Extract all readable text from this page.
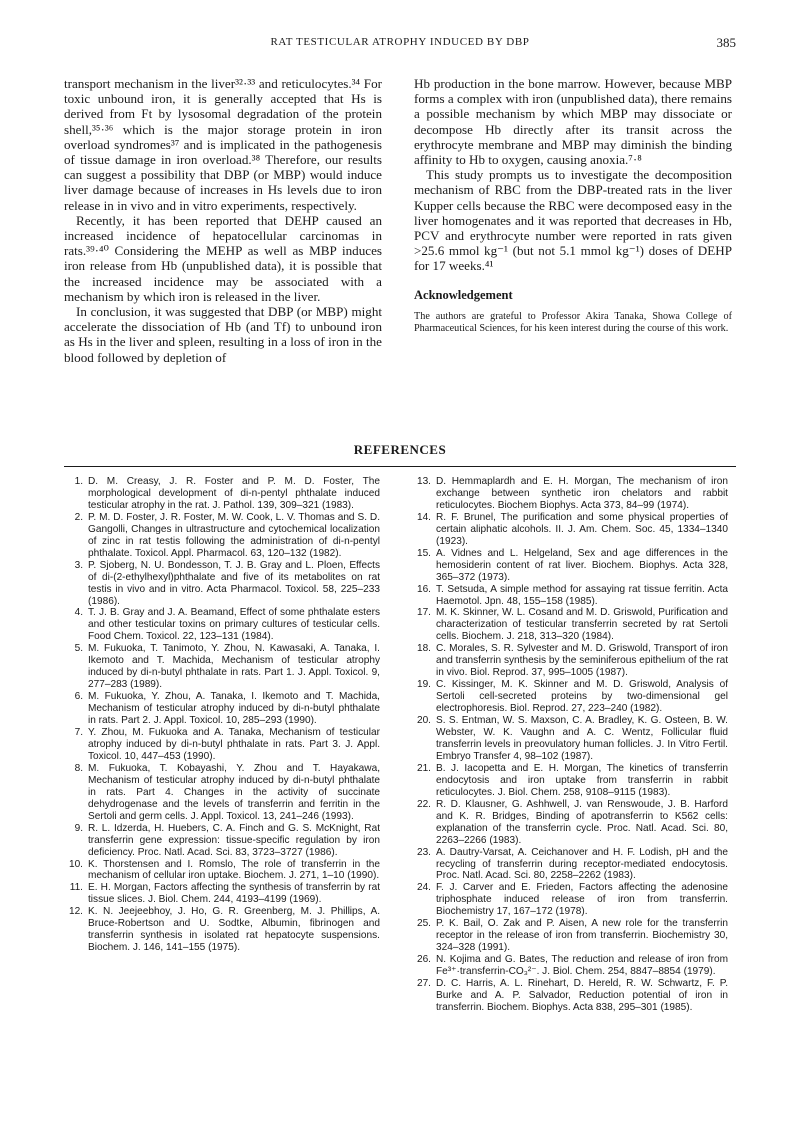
RAT TESTICULAR ATROPHY INDUCED BY DBP	385

transport mechanism in the liver³²·³³ and reticulocytes.³⁴ For toxic unbound iron, it is generally accepted that Hs is derived from Ft by lysosomal degradation of the protein shell,³⁵·³⁶ which is the major storage protein in iron overload syndromes³⁷ and is implicated in the pathogenesis of tissue damage in iron overload.³⁸ Therefore, our results can suggest a possibility that DBP (or MBP) would induce liver damage because of increases in Hs levels due to iron release in in vivo and in vitro experiments, respectively.

Recently, it has been reported that DEHP caused an increased incidence of hepatocellular carcinomas in rats.³⁹·⁴⁰ Considering the MEHP as well as MBP induces iron release from Hb (unpublished data), it is possible that the increased incidence may be associated with a mechanism by which iron is released in the liver.

In conclusion, it was suggested that DBP (or MBP) might accelerate the dissociation of Hb (and Tf) to unbound iron as Hs in the liver and spleen, resulting in a loss of iron in the blood followed by depletion of

Hb production in the bone marrow. However, because MBP forms a complex with iron (unpublished data), there remains a possible mechanism by which MBP may dissociate or decompose Hb directly after its transit across the erythrocyte membrane and MBP may diminish the binding affinity to Hb to oxygen, causing anoxia.⁷·⁸

This study prompts us to investigate the decomposition mechanism of RBC from the DBP-treated rats in the liver Kupper cells because the RBC were decomposed easy in the liver homogenates and it was reported that decreases in Hb, PCV and erythrocyte number were reported in rats given >25.6 mmol kg⁻¹ (but not 5.1 mmol kg⁻¹) doses of DEHP for 17 weeks.⁴¹

Acknowledgement

The authors are grateful to Professor Akira Tanaka, Showa College of Pharmaceutical Sciences, for his keen interest during the course of this work.

REFERENCES
1. D. M. Creasy, J. R. Foster and P. M. D. Foster, The morphological development of di-n-pentyl phthalate induced testicular atrophy in the rat. J. Pathol. 139, 309–321 (1983).
2. P. M. D. Foster, J. R. Foster, M. W. Cook, L. V. Thomas and S. D. Gangolli, Changes in ultrastructure and cytochemical localization of zinc in rat testis following the administration of di-n-pentyl phthalate. Toxicol. Appl. Pharmacol. 63, 120–132 (1982).
3. P. Sjoberg, N. U. Bondesson, T. J. B. Gray and L. Ploen, Effects of di-(2-ethylhexyl)phthalate and five of its metabolites on rat testis in vivo and in vitro. Acta Pharmacol. Toxicol. 58, 225–233 (1986).
4. T. J. B. Gray and J. A. Beamand, Effect of some phthalate esters and other testicular toxins on primary cultures of testicular cells. Food Chem. Toxicol. 22, 123–131 (1984).
5. M. Fukuoka, T. Tanimoto, Y. Zhou, N. Kawasaki, A. Tanaka, I. Ikemoto and T. Machida, Mechanism of testicular atrophy induced by di-n-butyl phthalate in rats. Part 1. J. Appl. Toxicol. 9, 277–283 (1989).
6. M. Fukuoka, Y. Zhou, A. Tanaka, I. Ikemoto and T. Machida, Mechanism of testicular atrophy induced by di-n-butyl phthalate in rats. Part 2. J. Appl. Toxicol. 10, 285–293 (1990).
7. Y. Zhou, M. Fukuoka and A. Tanaka, Mechanism of testicular atrophy induced by di-n-butyl phthalate in rats. Part 3. J. Appl. Toxicol. 10, 447–453 (1990).
8. M. Fukuoka, T. Kobayashi, Y. Zhou and T. Hayakawa, Mechanism of testicular atrophy induced by di-n-butyl phthalate in rats. Part 4. Changes in the activity of succinate dehydrogenase and the levels of transferrin and ferritin in the Sertoli and germ cells. J. Appl. Toxicol. 13, 241–246 (1993).
9. R. L. Idzerda, H. Huebers, C. A. Finch and G. S. McKnight, Rat transferrin gene expression: tissue-specific regulation by iron deficiency. Proc. Natl. Acad. Sci. 83, 3723–3727 (1986).
10. K. Thorstensen and I. Romslo, The role of transferrin in the mechanism of cellular iron uptake. Biochem. J. 271, 1–10 (1990).
11. E. H. Morgan, Factors affecting the synthesis of transferrin by rat tissue slices. J. Biol. Chem. 244, 4193–4199 (1969).
12. K. N. Jeejeebhoy, J. Ho, G. R. Greenberg, M. J. Phillips, A. Bruce-Robertson and U. Sodtke, Albumin, fibrinogen and transferrin synthesis in isolated rat hepatocyte suspensions. Biochem. J. 146, 141–155 (1975).
13. D. Hemmaplardh and E. H. Morgan, The mechanism of iron exchange between synthetic iron chelators and rabbit reticulocytes. Biochem Biophys. Acta 373, 84–99 (1974).
14. R. F. Brunel, The purification and some physical properties of certain aliphatic alcohols. II. J. Am. Chem. Soc. 45, 1334–1340 (1923).
15. A. Vidnes and L. Helgeland, Sex and age differences in the hemosiderin content of rat liver. Biochem. Biophys. Acta 328, 365–372 (1973).
16. T. Setsuda, A simple method for assaying rat tissue ferritin. Acta Haemotol. Jpn. 48, 155–158 (1985).
17. M. K. Skinner, W. L. Cosand and M. D. Griswold, Purification and characterization of testicular transferrin secreted by rat Sertoli cells. Biochem. J. 218, 313–320 (1984).
18. C. Morales, S. R. Sylvester and M. D. Griswold, Transport of iron and transferrin synthesis by the seminiferous epithelium of the rat in vivo. Biol. Reprod. 37, 995–1005 (1987).
19. C. Kissinger, M. K. Skinner and M. D. Griswold, Analysis of Sertoli cell-secreted proteins by two-dimensional gel electrophoresis. Biol. Reprod. 27, 223–240 (1982).
20. S. S. Entman, W. S. Maxson, C. A. Bradley, K. G. Osteen, B. W. Webster, W. K. Vaughn and A. C. Wentz, Follicular fluid transferrin levels in preovulatory human follicles. J. In Vitro Fertil. Embryo Transfer 4, 98–102 (1987).
21. B. J. Iacopetta and E. H. Morgan, The kinetics of transferrin endocytosis and iron uptake from transferrin in rabbit reticulocytes. J. Biol. Chem. 258, 9108–9115 (1983).
22. R. D. Klausner, G. Ashhwell, J. van Renswoude, J. B. Harford and K. R. Bridges, Binding of apotransferrin to K562 cells: explanation of the transferrin cycle. Proc. Natl. Acad. Sci. 80, 2263–2266 (1983).
23. A. Dautry-Varsat, A. Ceichanover and H. F. Lodish, pH and the recycling of transferrin during receptor-mediated endocytosis. Proc. Natl. Acad. Sci. 80, 2258–2262 (1983).
24. F. J. Carver and E. Frieden, Factors affecting the adenosine triphosphate induced release of iron from transferrin. Biochemistry 17, 167–172 (1978).
25. P. K. Bail, O. Zak and P. Aisen, A new role for the transferrin receptor in the release of iron from transferrin. Biochemistry 30, 324–328 (1991).
26. N. Kojima and G. Bates, The reduction and release of iron from Fe³⁺·transferrin-CO₃²⁻. J. Biol. Chem. 254, 8847–8854 (1979).
27. D. C. Harris, A. L. Rinehart, D. Hereld, R. W. Schwartz, F. P. Burke and A. P. Salvador, Reduction potential of iron in transferrin. Biochem. Biophys. Acta 838, 295–301 (1985).
